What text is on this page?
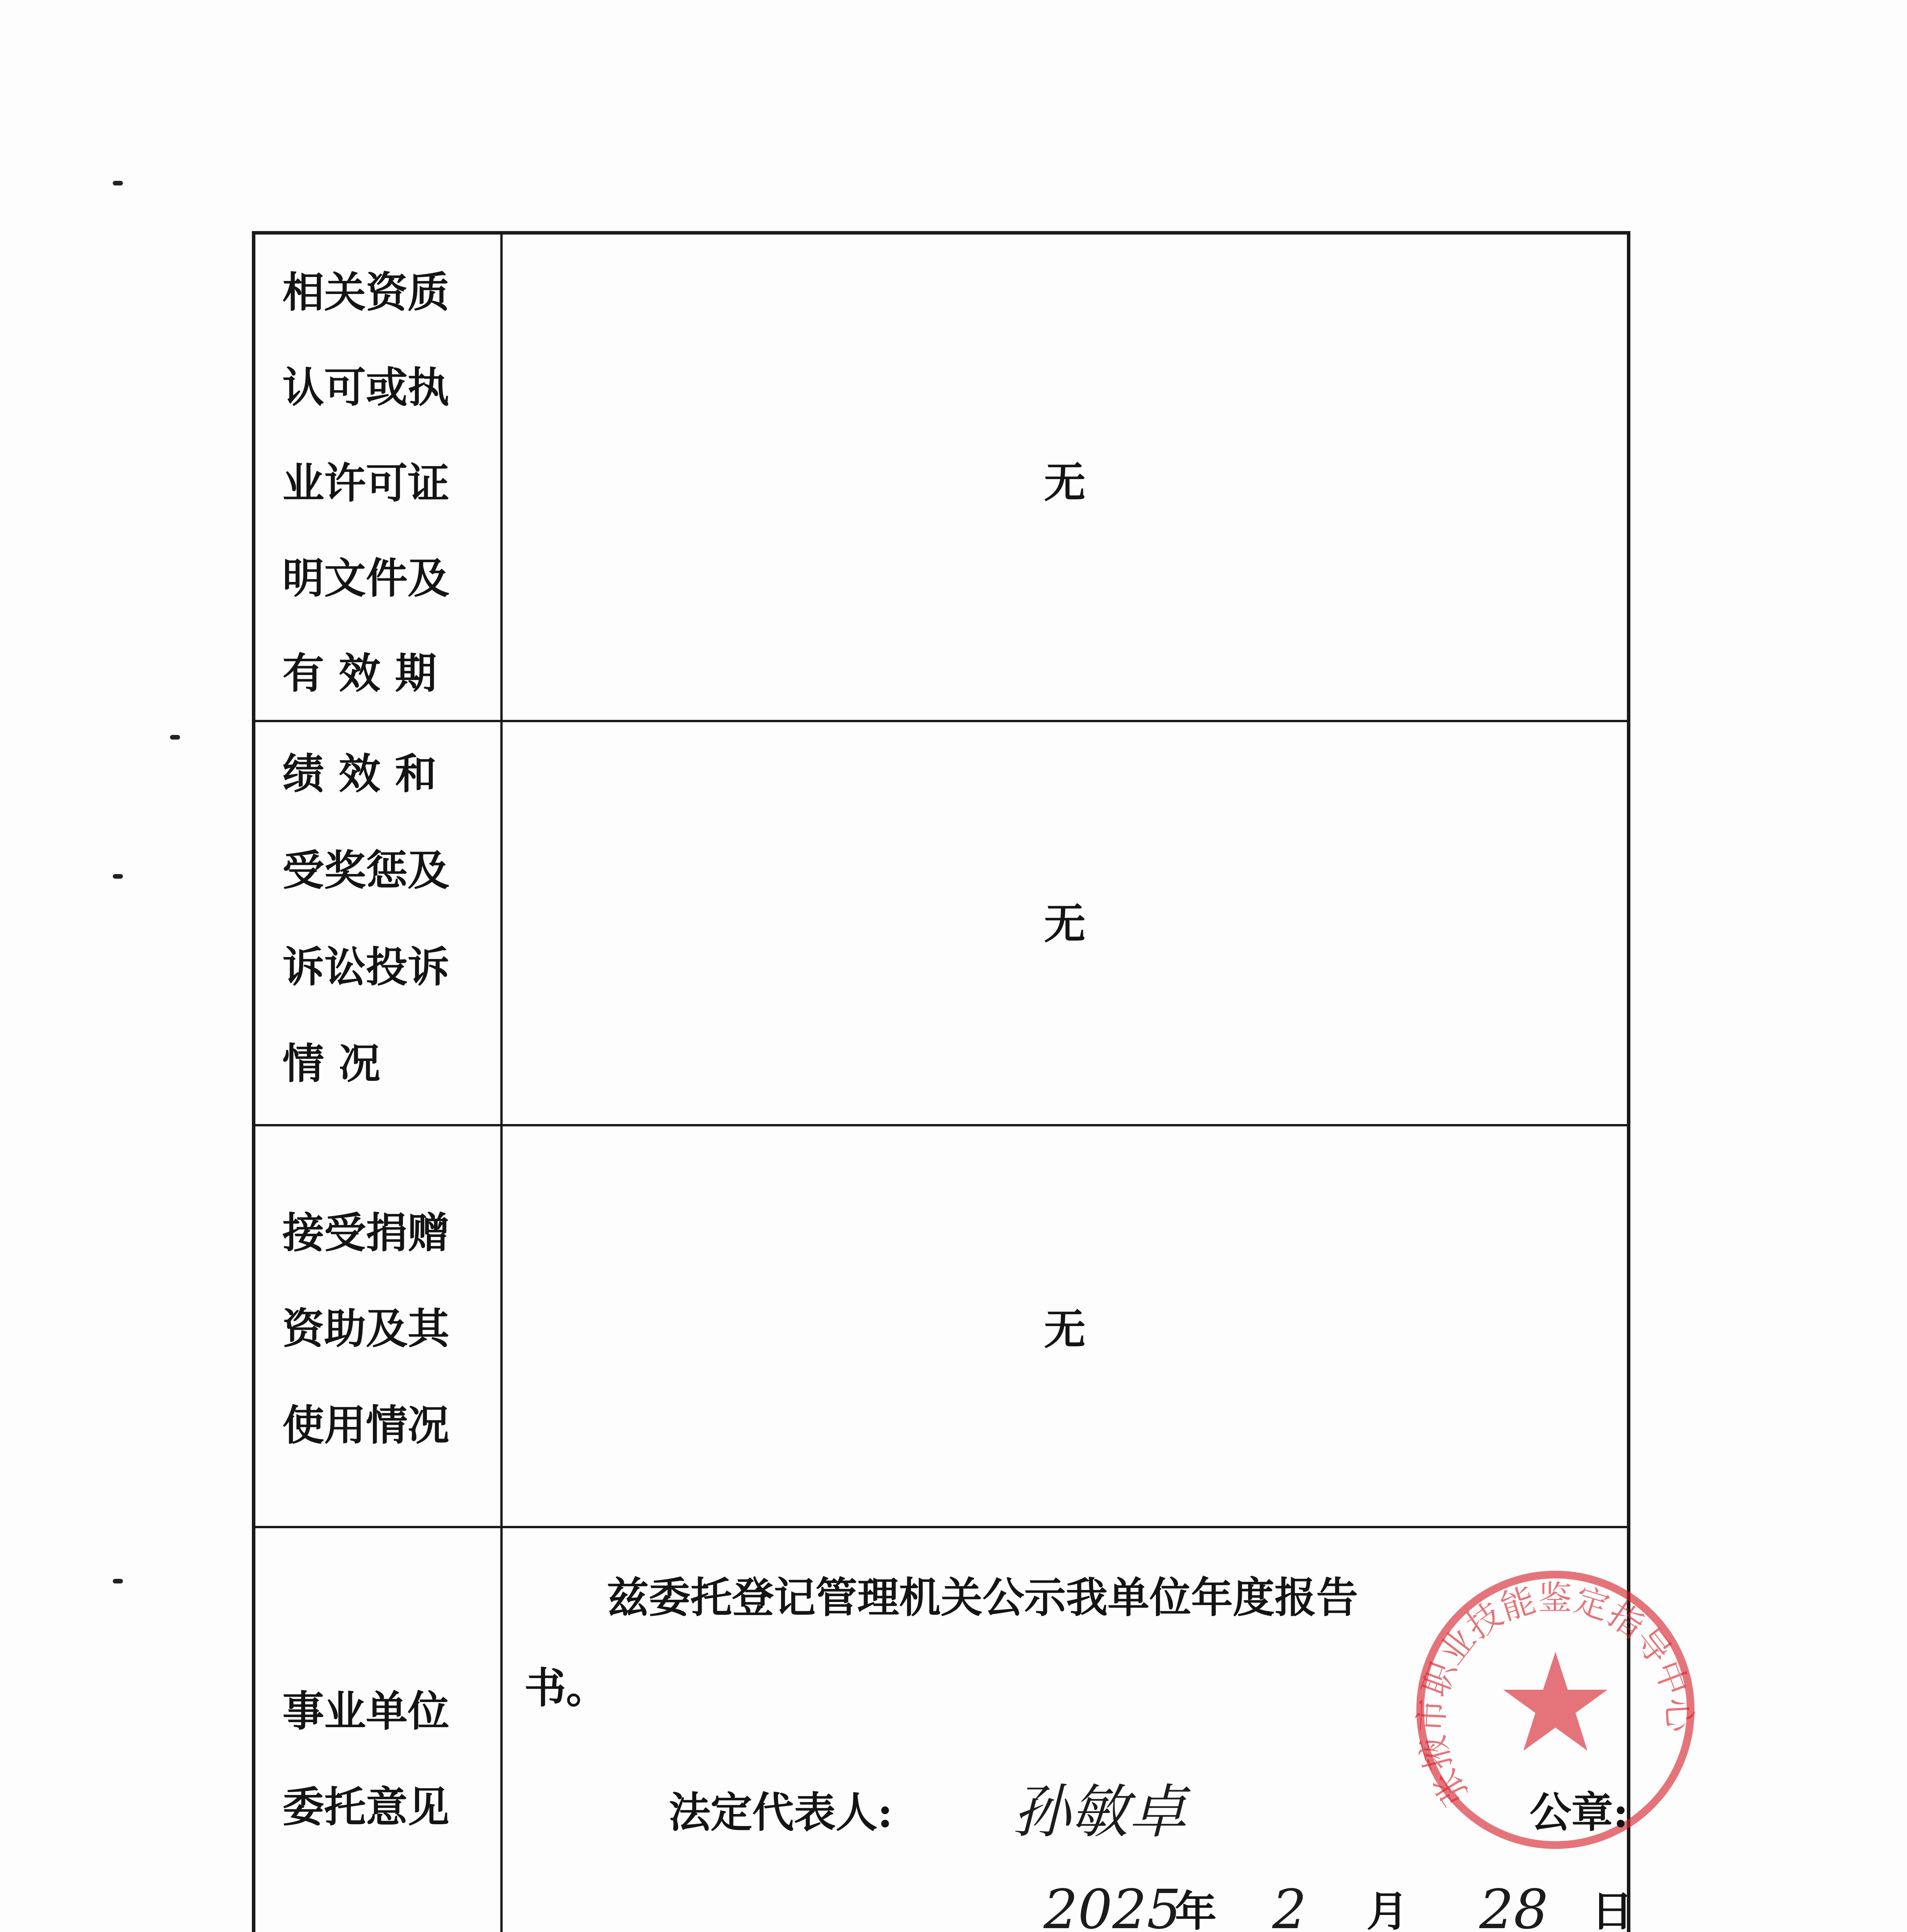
相关资质
认可或执
业许可证
明文件及
有 效 期
无
绩 效 和
受奖惩及
诉讼投诉
情 况
无
接受捐赠
资助及其
使用情况
无
事业单位
委托意见
兹委托登记管理机关公示我单位年度报告
书。
张掖市职业技能鉴定指导中心
法定代表人: 孙敏卓	公章:
2025
年 2 月 28 日
